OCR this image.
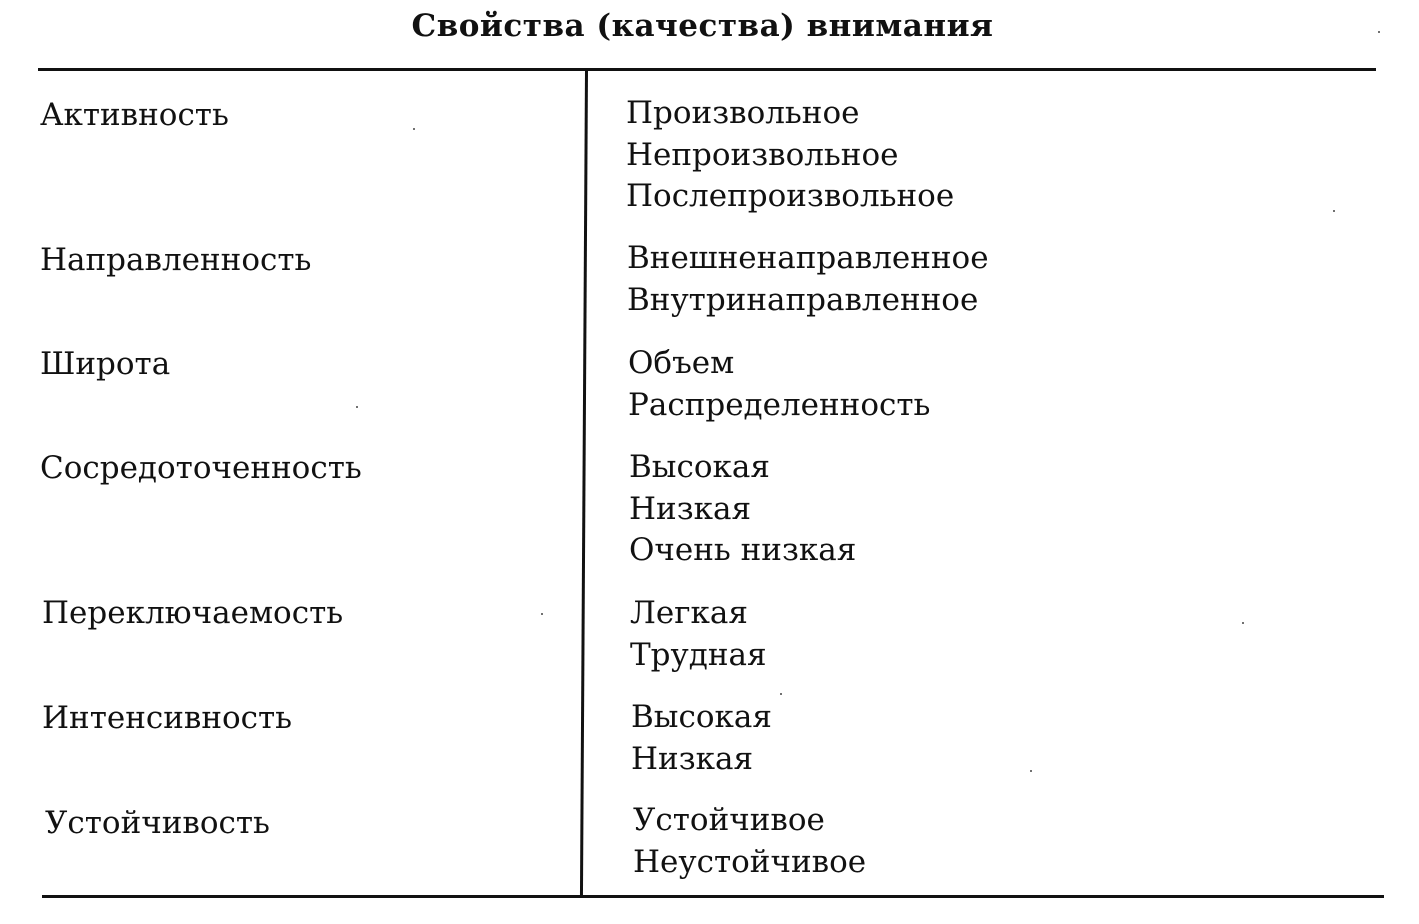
Свойства (качества) внимания
Активность	Произвольное
Непроизвольное
Послепроизвольное
Направленность	Внешненаправленное
Внутринаправленное
Широта	Объем
Распределенность
Сосредоточенность	Высокая
Низкая
Очень низкая
Переключаемость	Легкая
Трудная
Интенсивность	Высокая
Низкая
Устойчивость	Устойчивое
Неустойчивое
